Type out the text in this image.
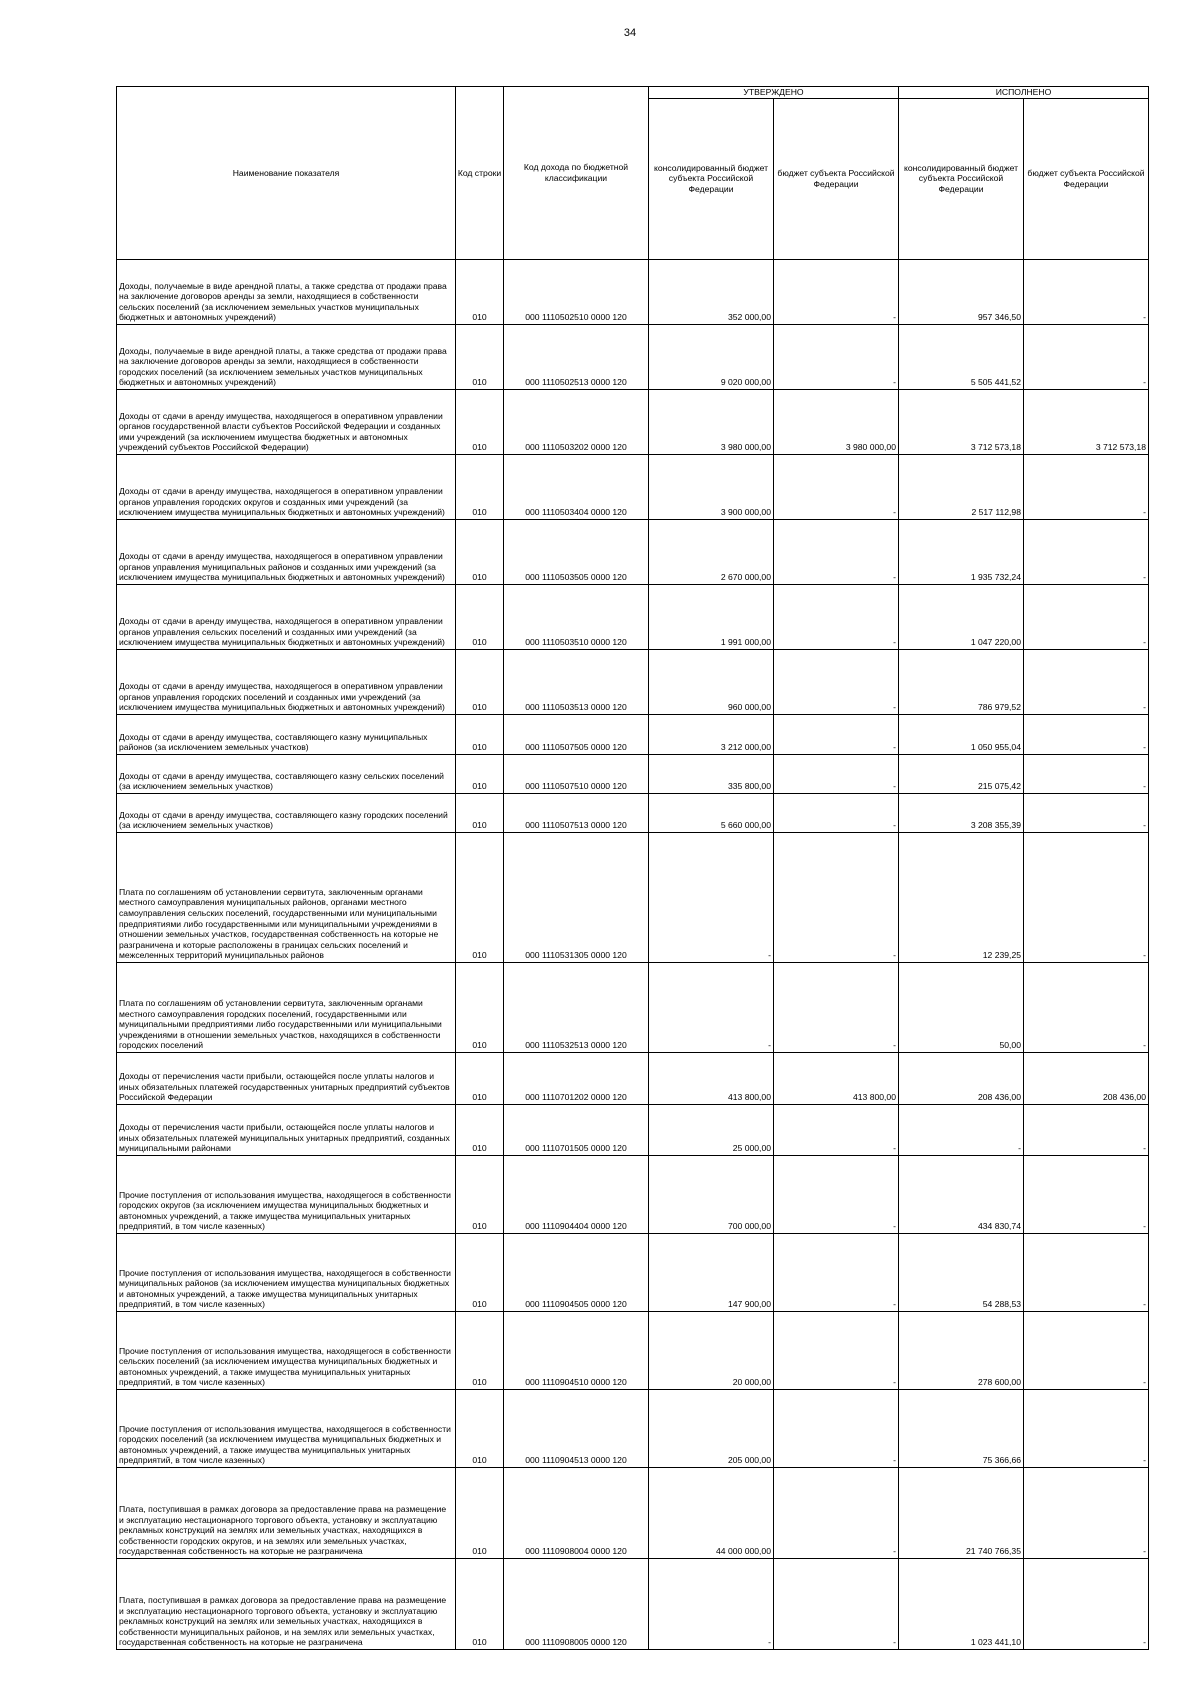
34
Наименование показателя	Код строки	Код дохода по бюджетной классификации	УТВЕРЖДЕНО		ИСПОЛНЕНО	
			консолидированный бюджет субъекта Российской Федерации	бюджет субъекта Российской Федерации	консолидированный бюджет субъекта Российской Федерации	бюджет субъекта Российской Федерации
Доходы, получаемые в виде арендной платы, а также средства от продажи права на заключение договоров аренды за земли, находящиеся в собственности сельских поселений (за исключением земельных участков муниципальных бюджетных и автономных учреждений)	010	000 1110502510 0000 120	352 000,00	-	957 346,50	-
Доходы, получаемые в виде арендной платы, а также средства от продажи права на заключение договоров аренды за земли, находящиеся в собственности городских поселений (за исключением земельных участков муниципальных бюджетных и автономных учреждений)	010	000 1110502513 0000 120	9 020 000,00	-	5 505 441,52	-
Доходы от сдачи в аренду имущества, находящегося в оперативном управлении органов государственной власти субъектов Российской Федерации и созданных ими учреждений (за исключением имущества бюджетных и автономных учреждений субъектов Российской Федерации)	010	000 1110503202 0000 120	3 980 000,00	3 980 000,00	3 712 573,18	3 712 573,18
Доходы от сдачи в аренду имущества, находящегося в оперативном управлении органов управления городских округов и созданных ими учреждений (за исключением имущества муниципальных бюджетных и автономных учреждений)	010	000 1110503404 0000 120	3 900 000,00	-	2 517 112,98	-
Доходы от сдачи в аренду имущества, находящегося в оперативном управлении органов управления муниципальных районов и созданных ими учреждений (за исключением имущества муниципальных бюджетных и автономных учреждений)	010	000 1110503505 0000 120	2 670 000,00	-	1 935 732,24	-
Доходы от сдачи в аренду имущества, находящегося в оперативном управлении органов управления сельских поселений и созданных ими учреждений (за исключением имущества муниципальных бюджетных и автономных учреждений)	010	000 1110503510 0000 120	1 991 000,00	-	1 047 220,00	-
Доходы от сдачи в аренду имущества, находящегося в оперативном управлении органов управления городских поселений и созданных ими учреждений (за исключением имущества муниципальных бюджетных и автономных учреждений)	010	000 1110503513 0000 120	960 000,00	-	786 979,52	-
Доходы от сдачи в аренду имущества, составляющего казну муниципальных районов (за исключением земельных участков)	010	000 1110507505 0000 120	3 212 000,00	-	1 050 955,04	-
Доходы от сдачи в аренду имущества, составляющего казну сельских поселений (за исключением земельных участков)	010	000 1110507510 0000 120	335 800,00	-	215 075,42	-
Доходы от сдачи в аренду имущества, составляющего казну городских поселений (за исключением земельных участков)	010	000 1110507513 0000 120	5 660 000,00	-	3 208 355,39	-
Плата по соглашениям об установлении сервитута, заключенным органами местного самоуправления муниципальных районов, органами местного самоуправления сельских поселений, государственными или муниципальными предприятиями либо государственными или муниципальными учреждениями в отношении земельных участков, государственная собственность на которые не разграничена и которые расположены в границах сельских поселений и межселенных территорий муниципальных районов	010	000 1110531305 0000 120	-	-	12 239,25	-
Плата по соглашениям об установлении сервитута, заключенным органами местного самоуправления городских поселений, государственными или муниципальными предприятиями либо государственными или муниципальными учреждениями в отношении земельных участков, находящихся в собственности городских поселений	010	000 1110532513 0000 120	-	-	50,00	-
Доходы от перечисления части прибыли, остающейся после уплаты налогов и иных обязательных платежей государственных унитарных предприятий субъектов Российской Федерации	010	000 1110701202 0000 120	413 800,00	413 800,00	208 436,00	208 436,00
Доходы от перечисления части прибыли, остающейся после уплаты налогов и иных обязательных платежей муниципальных унитарных предприятий, созданных муниципальными районами	010	000 1110701505 0000 120	25 000,00	-	-	-
Прочие поступления от использования имущества, находящегося в собственности городских округов (за исключением имущества муниципальных бюджетных и автономных учреждений, а также имущества муниципальных унитарных предприятий, в том числе казенных)	010	000 1110904404 0000 120	700 000,00	-	434 830,74	-
Прочие поступления от использования имущества, находящегося в собственности муниципальных районов (за исключением имущества муниципальных бюджетных и автономных учреждений, а также имущества муниципальных унитарных предприятий, в том числе казенных)	010	000 1110904505 0000 120	147 900,00	-	54 288,53	-
Прочие поступления от использования имущества, находящегося в собственности сельских поселений (за исключением имущества муниципальных бюджетных и автономных учреждений, а также имущества муниципальных унитарных предприятий, в том числе казенных)	010	000 1110904510 0000 120	20 000,00	-	278 600,00	-
Прочие поступления от использования имущества, находящегося в собственности городских поселений (за исключением имущества муниципальных бюджетных и автономных учреждений, а также имущества муниципальных унитарных предприятий, в том числе казенных)	010	000 1110904513 0000 120	205 000,00	-	75 366,66	-
Плата, поступившая в рамках договора за предоставление права на размещение и эксплуатацию нестационарного торгового объекта, установку и эксплуатацию рекламных конструкций на землях или земельных участках, находящихся в собственности городских округов, и на землях или земельных участках, государственная собственность на которые не разграничена	010	000 1110908004 0000 120	44 000 000,00	-	21 740 766,35	-
Плата, поступившая в рамках договора за предоставление права на размещение и эксплуатацию нестационарного торгового объекта, установку и эксплуатацию рекламных конструкций на землях или земельных участках, находящихся в собственности муниципальных районов, и на землях или земельных участках, государственная собственность на которые не разграничена	010	000 1110908005 0000 120	-	-	1 023 441,10	-
